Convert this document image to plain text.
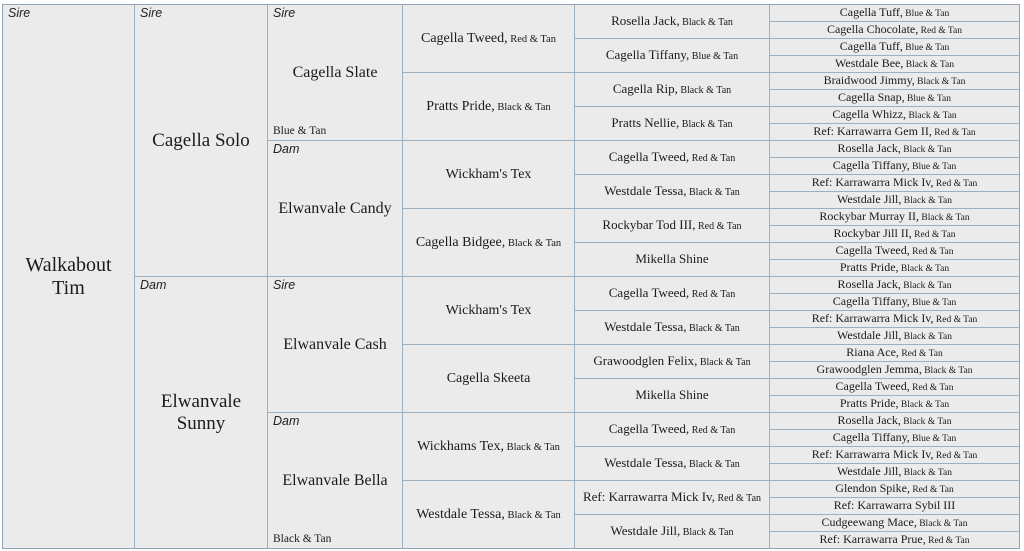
Sire
Walkabout Tim
Sire
Cagella Solo
Dam
Elwanvale Sunny
Sire
Cagella Slate
Blue & Tan
Dam
Elwanvale Candy
Sire
Elwanvale Cash
Dam
Elwanvale Bella
Black & Tan
Cagella Tweed, Red & Tan
Pratts Pride, Black & Tan
Wickham's Tex
Cagella Bidgee, Black & Tan
Wickham's Tex
Cagella Skeeta
Wickhams Tex, Black & Tan
Westdale Tessa, Black & Tan
Rosella Jack, Black & Tan
Cagella Tiffany, Blue & Tan
Cagella Rip, Black & Tan
Pratts Nellie, Black & Tan
Cagella Tweed, Red & Tan
Westdale Tessa, Black & Tan
Rockybar Tod III, Red & Tan
Mikella Shine
Cagella Tweed, Red & Tan
Westdale Tessa, Black & Tan
Grawoodglen Felix, Black & Tan
Mikella Shine
Cagella Tweed, Red & Tan
Westdale Tessa, Black & Tan
Ref: Karrawarra Mick Iv, Red & Tan
Westdale Jill, Black & Tan
Cagella Tuff, Blue & Tan
Cagella Chocolate, Red & Tan
Cagella Tuff, Blue & Tan
Westdale Bee, Black & Tan
Braidwood Jimmy, Black & Tan
Cagella Snap, Blue & Tan
Cagella Whizz, Black & Tan
Ref: Karrawarra Gem II, Red & Tan
Rosella Jack, Black & Tan
Cagella Tiffany, Blue & Tan
Ref: Karrawarra Mick Iv, Red & Tan
Westdale Jill, Black & Tan
Rockybar Murray II, Black & Tan
Rockybar Jill II, Red & Tan
Cagella Tweed, Red & Tan
Pratts Pride, Black & Tan
Rosella Jack, Black & Tan
Cagella Tiffany, Blue & Tan
Ref: Karrawarra Mick Iv, Red & Tan
Westdale Jill, Black & Tan
Riana Ace, Red & Tan
Grawoodglen Jemma, Black & Tan
Cagella Tweed, Red & Tan
Pratts Pride, Black & Tan
Rosella Jack, Black & Tan
Cagella Tiffany, Blue & Tan
Ref: Karrawarra Mick Iv, Red & Tan
Westdale Jill, Black & Tan
Glendon Spike, Red & Tan
Ref: Karrawarra Sybil III
Cudgeewang Mace, Black & Tan
Ref: Karrawarra Prue, Red & Tan
